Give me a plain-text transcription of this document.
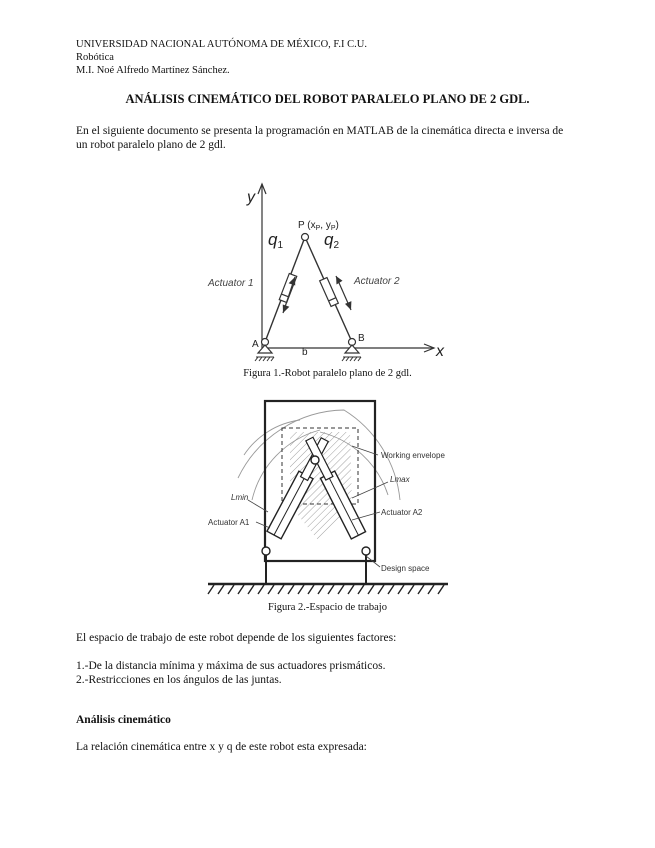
UNIVERSIDAD NACIONAL AUTÓNOMA DE MÉXICO, F.I C.U.

Robótica

M.I. Noé Alfredo Martínez Sánchez.

ANÁLISIS CINEMÁTICO DEL ROBOT PARALELO PLANO DE 2 GDL.

En el siguiente documento se presenta la programación en MATLAB de la cinemática directa e inversa de

un robot paralelo plano de 2 gdl.

y
x
P ($x_P$, $y_P$)
q1 q2
Actuator 1	Actuator 2
A
B
b

Figura 1.-Robot paralelo plano de 2 gdl.

Working envelope
Lmax
Lmin
Actuator A1
Actuator A2
Design space

Figura 2.-Espacio de trabajo

El espacio de trabajo de este robot depende de los siguientes factores:

1.-De la distancia mínima y máxima de sus actuadores prismáticos.

2.-Restricciones en los ángulos de las juntas.

Análisis cinemático

La relación cinemática entre x y q de este robot esta expresada:
